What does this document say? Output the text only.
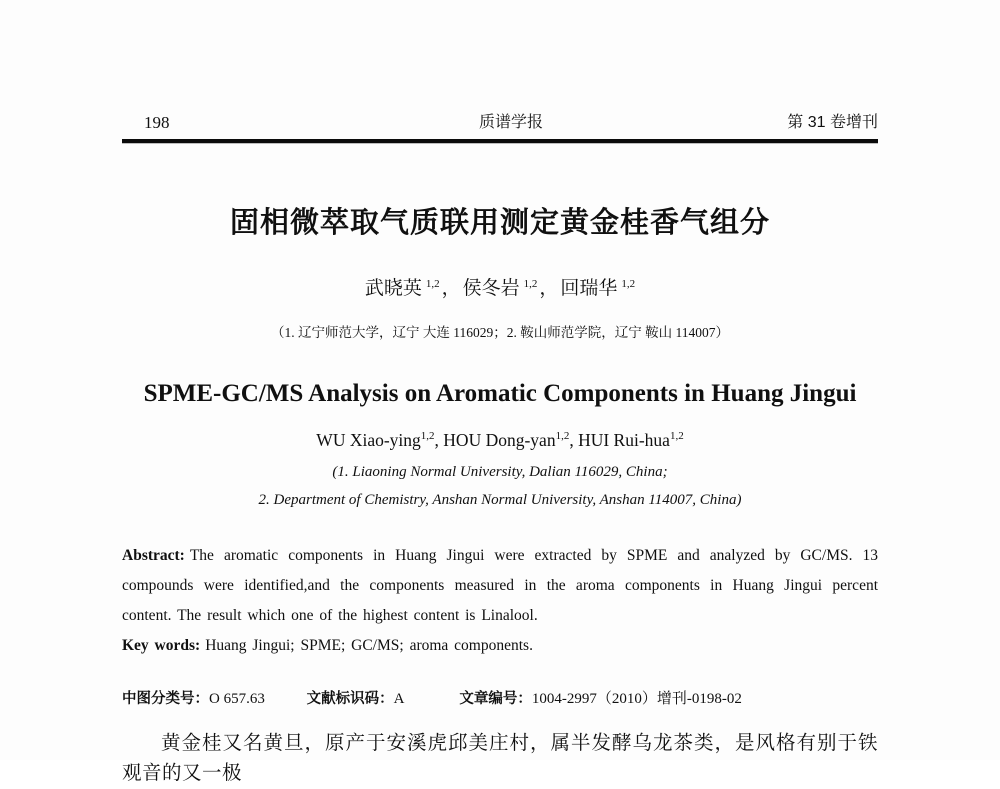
198	质谱学报	第 31 卷增刊
固相微萃取气质联用测定黄金桂香气组分
武晓英 $^{1,2}$ ， 侯冬岩 $^{1,2}$ ， 回瑞华 $^{1,2}$
（1. 辽宁师范大学，辽宁 大连 116029；2. 鞍山师范学院，辽宁 鞍山 114007）
SPME-GC/MS Analysis on Aromatic Components in Huang Jingui
WU Xiao-ying$^{1,2}$, HOU Dong-yan$^{1,2}$, HUI Rui-hua$^{1,2}$
(1. Liaoning Normal University, Dalian 116029, China;
2. Department of Chemistry, Anshan Normal University, Anshan 114007, China)
Abstract: The aromatic components in Huang Jingui were extracted by SPME and analyzed by GC/MS. 13
compounds were identified,and the components measured in the aroma components in Huang Jingui percent
content. The result which one of the highest content is Linalool.
Key words: Huang Jingui; SPME; GC/MS; aroma components.
中图分类号：O 657.63	文献标识码：A	文章编号：1004-2997（2010）增刊-0198-02
黄金桂又名黄旦，原产于安溪虎邱美庄村，属半发酵乌龙茶类，是风格有别于铁观音的又一极
